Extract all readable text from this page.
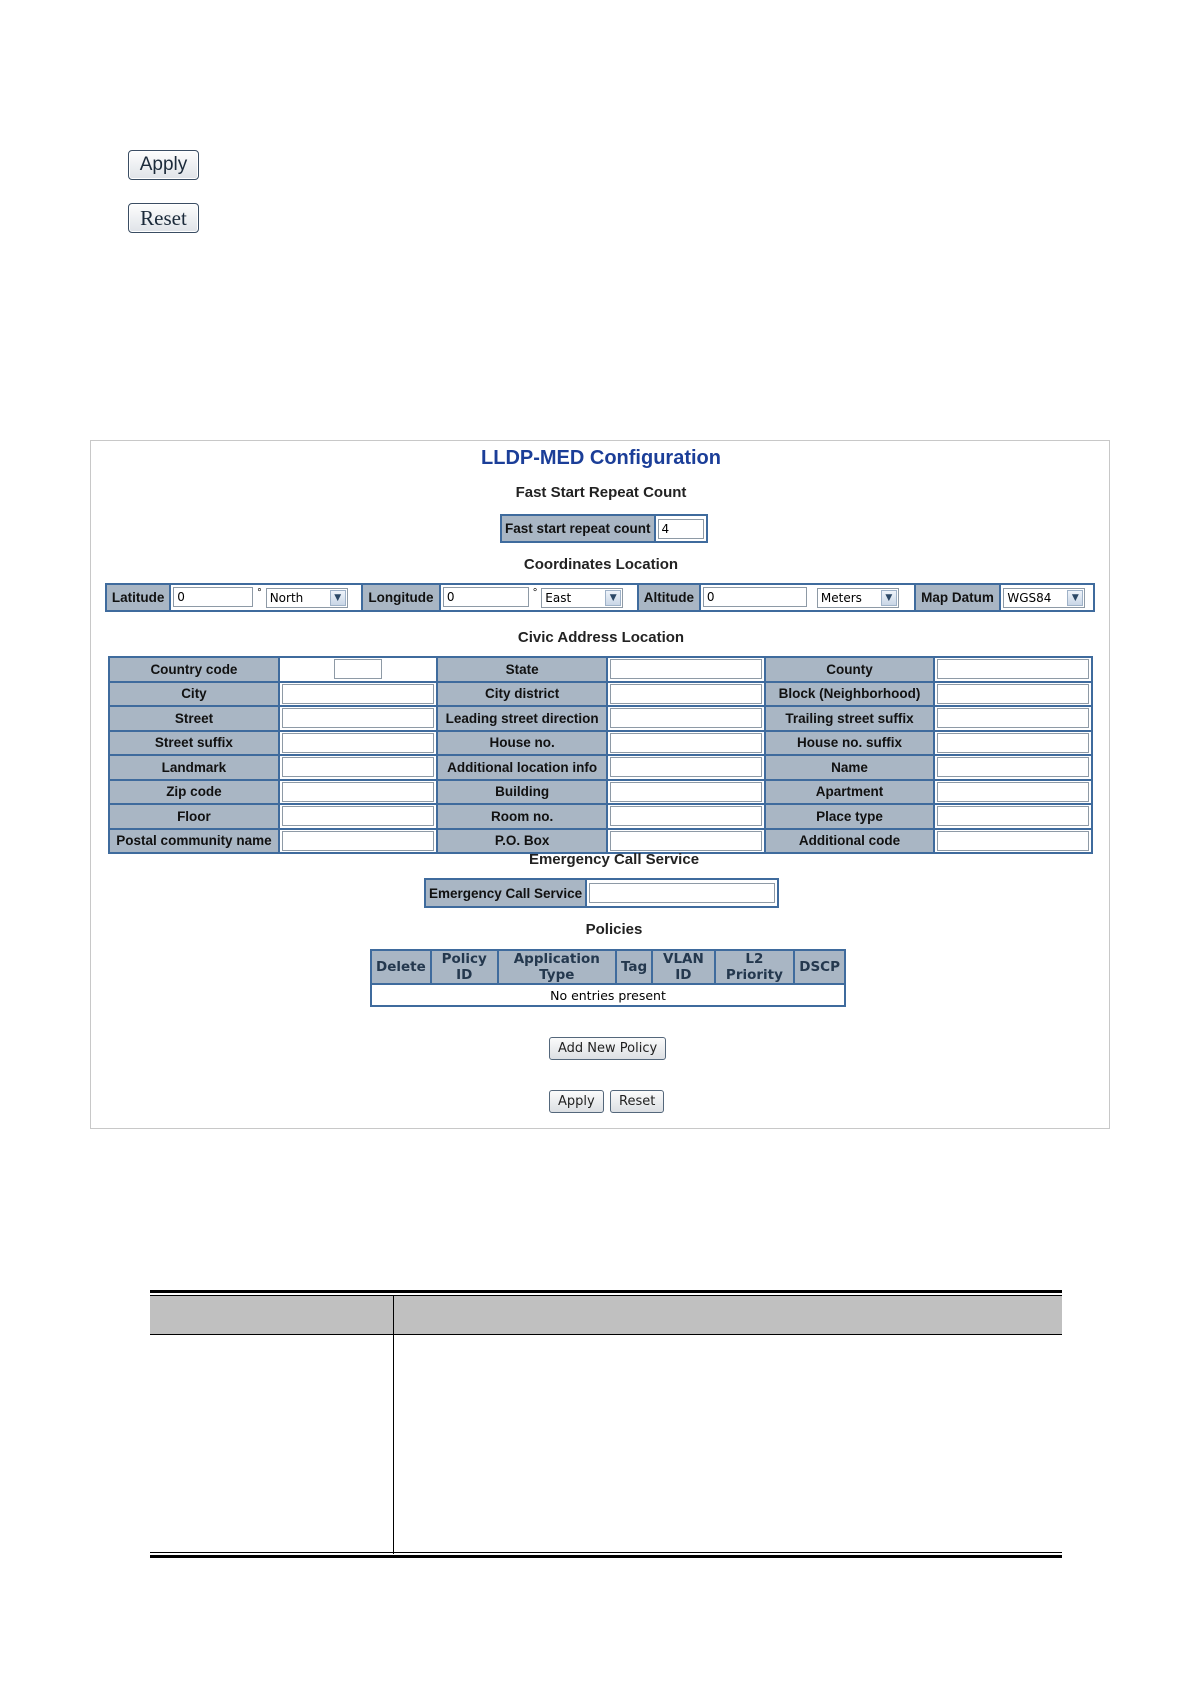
Apply
Reset
LLDP-MED Configuration
Fast Start Repeat Count
Fast start repeat count	4
Coordinates Location
Latitude	0° North	▼	Longitude	0° East	▼	Altitude	0Meters	▼	Map Datum	WGS84	▼
Civic Address Location
Country code		State		County	
City		City district		Block (Neighborhood)	
Street		Leading street direction		Trailing street suffix	
Street suffix		House no.		House no. suffix	
Landmark		Additional location info		Name	
Zip code		Building		Apartment	
Floor		Room no.		Place type	
Postal community name		P.O. Box		Additional code	
Emergency Call Service
Emergency Call Service	
Policies
Delete	Policy ID	Application Type	Tag	VLAN ID	L2 Priority	DSCP
No entries present
Add New Policy
Apply	Reset
